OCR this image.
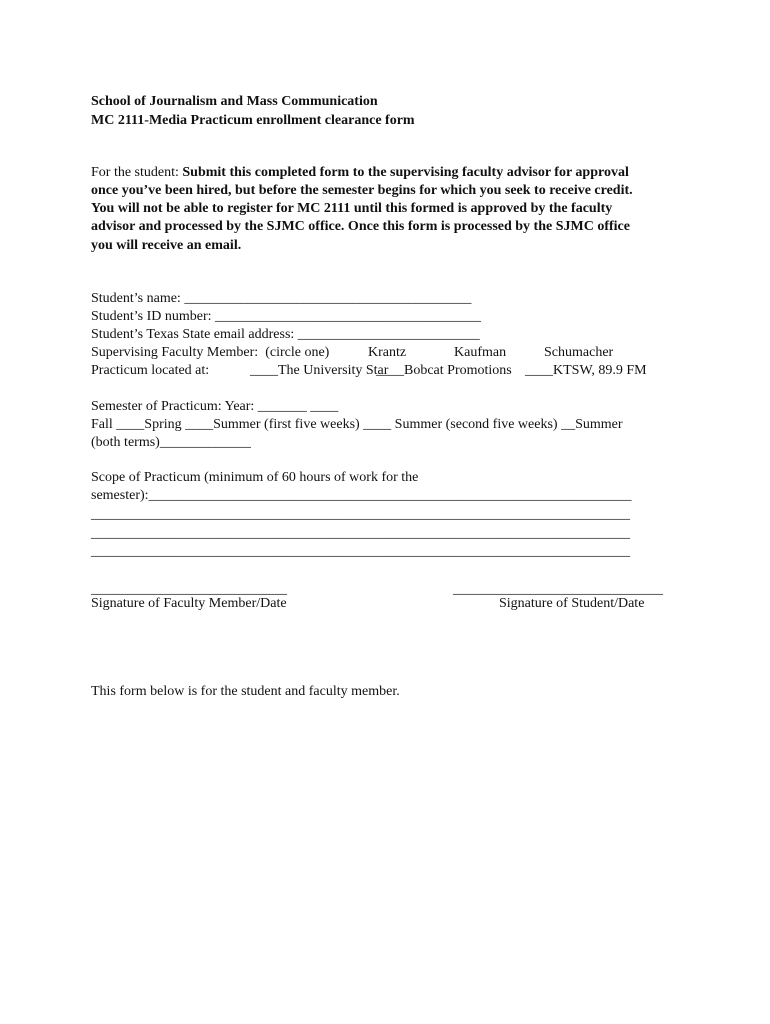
School of Journalism and Mass Communication
MC 2111-Media Practicum enrollment clearance form
For the student: Submit this completed form to the supervising faculty advisor for approval
once you’ve been hired, but before the semester begins for which you seek to receive credit.
You will not be able to register for MC 2111 until this formed is approved by the faculty
advisor and processed by the SJMC office. Once this form is processed by the SJMC office
you will receive an email.
Student’s name: _________________________________________
Student’s ID number: ______________________________________
Student’s Texas State email address: __________________________
Supervising Faculty Member:  (circle one)	Krantz	Kaufman	Schumacher
Practicum located at:	____The University Star
____Bobcat Promotions ____KTSW, 89.9 FM
Semester of Practicum: Year: _______ ____
Fall ____Spring ____Summer (first five weeks) ____ Summer (second five weeks) __Summer
(both terms)_____________
Scope of Practicum (minimum of 60 hours of work for the
semester):_____________________________________________________________________
_____________________________________________________________________________
_____________________________________________________________________________
_____________________________________________________________________________
____________________________	______________________________
Signature of Faculty Member/Date	Signature of Student/Date
This form below is for the student and faculty member.
